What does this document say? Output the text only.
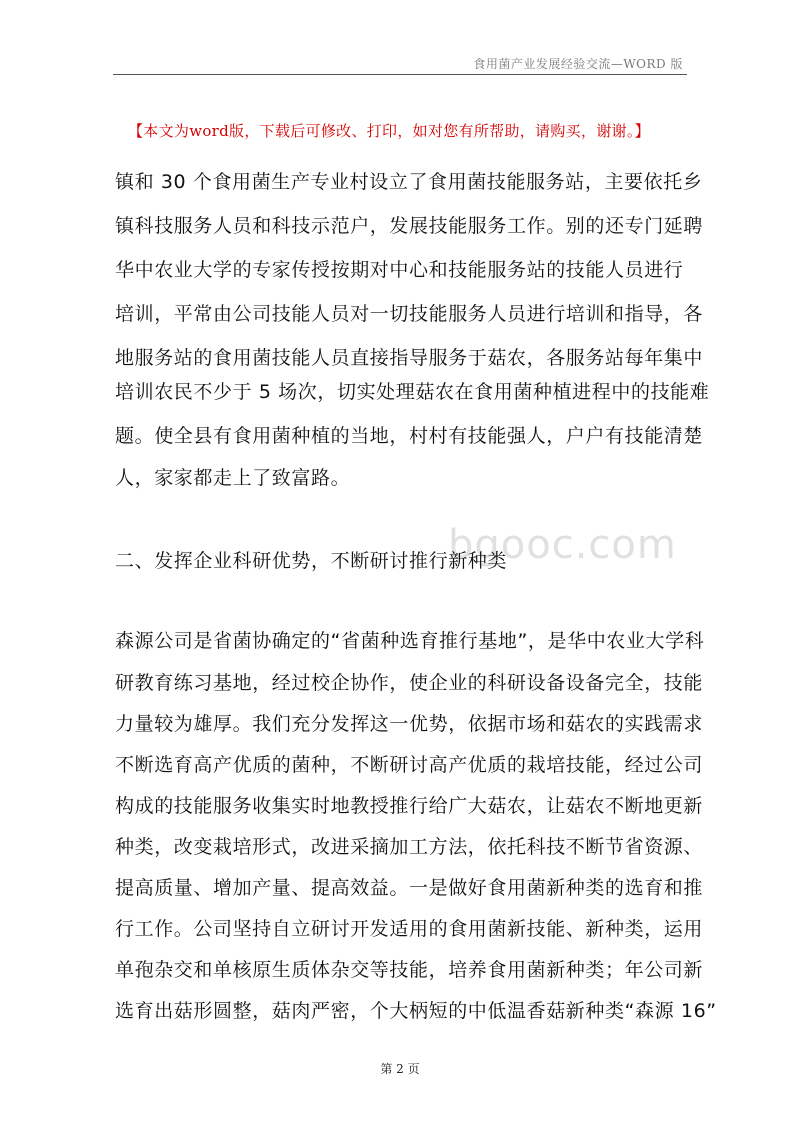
食用菌产业发展经验交流—WORD 版
【本文为word版，下载后可修改、打印，如对您有所帮助，请购买，谢谢。】
镇和 30 个食用菌生产专业村设立了食用菌技能服务站，主要依托乡
镇科技服务人员和科技示范户，发展技能服务工作。别的还专门延聘
华中农业大学的专家传授按期对中心和技能服务站的技能人员进行
培训，平常由公司技能人员对一切技能服务人员进行培训和指导，各
地服务站的食用菌技能人员直接指导服务于菇农，各服务站每年集中
培训农民不少于 5 场次，切实处理菇农在食用菌种植进程中的技能难
题。使全县有食用菌种植的当地，村村有技能强人，户户有技能清楚
人，家家都走上了致富路。
bgooc.com
二、发挥企业科研优势，不断研讨推行新种类
森源公司是省菌协确定的“省菌种选育推行基地”，是华中农业大学科
研教育练习基地，经过校企协作，使企业的科研设备设备完全，技能
力量较为雄厚。我们充分发挥这一优势，依据市场和菇农的实践需求
不断选育高产优质的菌种，不断研讨高产优质的栽培技能，经过公司
构成的技能服务收集实时地教授推行给广大菇农，让菇农不断地更新
种类，改变栽培形式，改进采摘加工方法，依托科技不断节省资源、
提高质量、增加产量、提高效益。一是做好食用菌新种类的选育和推
行工作。公司坚持自立研讨开发适用的食用菌新技能、新种类，运用
单孢杂交和单核原生质体杂交等技能，培养食用菌新种类；年公司新
选育出菇形圆整，菇肉严密，个大柄短的中低温香菇新种类“森源 16”
第 2 页
